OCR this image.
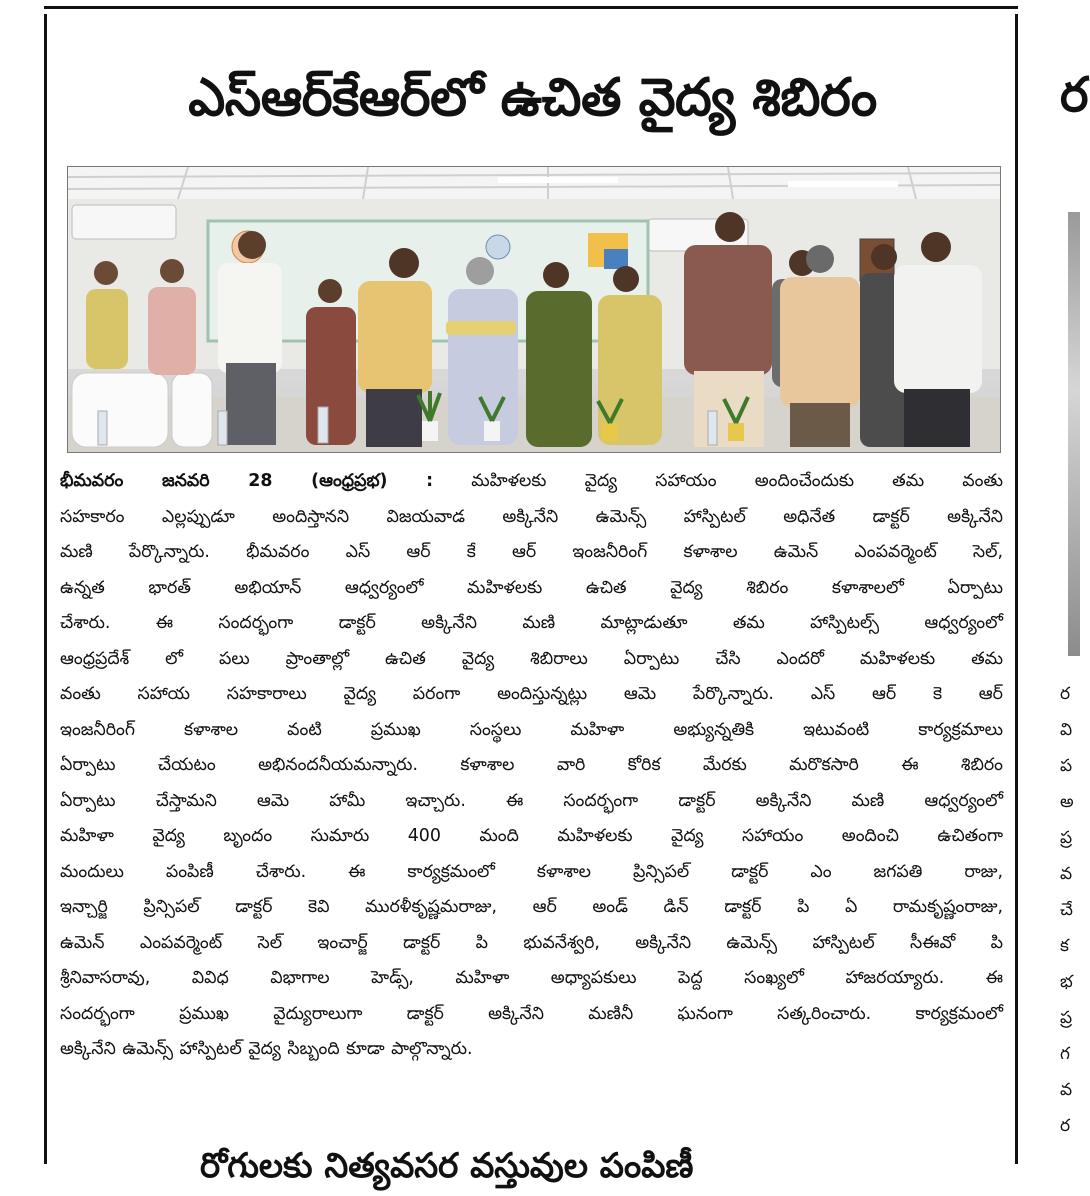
ఎస్ఆర్‌కేఆర్‌లో ఉచిత వైద్య శిబిరం
భీమవరం జనవరి 28 (ఆంధ్రప్రభ) : మహిళలకు వైద్య సహాయం అందించేందుకు తమ వంతు
సహకారం ఎల్లప్పుడూ అందిస్తానని విజయవాడ అక్కినేని ఉమెన్స్ హాస్పిటల్ అధినేత డాక్టర్ అక్కినేని
మణి పేర్కొన్నారు. భీమవరం ఎస్ ఆర్ కే ఆర్ ఇంజనీరింగ్ కళాశాల ఉమెన్ ఎంపవర్మెంట్ సెల్,
ఉన్నత భారత్ అభియాన్ ఆధ్వర్యంలో మహిళలకు ఉచిత వైద్య శిబిరం కళాశాలలో ఏర్పాటు
చేశారు. ఈ సందర్భంగా డాక్టర్ అక్కినేని మణి మాట్లాడుతూ తమ హాస్పిటల్స్ ఆధ్వర్యంలో
ఆంధ్రప్రదేశ్ లో పలు ప్రాంతాల్లో ఉచిత వైద్య శిబిరాలు ఏర్పాటు చేసి ఎందరో మహిళలకు తమ
వంతు సహాయ సహకారాలు వైద్య పరంగా అందిస్తున్నట్లు ఆమె పేర్కొన్నారు. ఎస్ ఆర్ కె ఆర్
ఇంజనీరింగ్ కళాశాల వంటి ప్రముఖ సంస్థలు మహిళా అభ్యున్నతికి ఇటువంటి కార్యక్రమాలు
ఏర్పాటు చేయటం అభినందనీయమన్నారు. కళాశాల వారి కోరిక మేరకు మరొకసారి ఈ శిబిరం
ఏర్పాటు చేస్తామని ఆమె హామీ ఇచ్చారు. ఈ సందర్భంగా డాక్టర్ అక్కినేని మణి ఆధ్వర్యంలో
మహిళా వైద్య బృందం సుమారు 400 మంది మహిళలకు వైద్య సహాయం అందించి ఉచితంగా
మందులు పంపిణీ చేశారు. ఈ కార్యక్రమంలో కళాశాల ప్రిన్సిపల్ డాక్టర్ ఎం జగపతి రాజు,
ఇన్చార్జి ప్రిన్సిపల్ డాక్టర్ కెవి మురళీకృష్ణమరాజు, ఆర్ అండ్ డిన్ డాక్టర్ పి ఏ రామకృష్ణంరాజు,
ఉమెన్ ఎంపవర్మెంట్ సెల్ ఇంచార్జ్ డాక్టర్ పి భువనేశ్వరి, అక్కినేని ఉమెన్స్ హాస్పిటల్ సీఈవో పి
శ్రీనివాసరావు, వివిధ విభాగాల హెడ్స్, మహిళా అధ్యాపకులు పెద్ద సంఖ్యలో హాజరయ్యారు. ఈ
సందర్భంగా ప్రముఖ వైద్యురాలుగా డాక్టర్ అక్కినేని మణినీ ఘనంగా సత్కరించారు. కార్యక్రమంలో
అక్కినేని ఉమెన్స్ హాస్పిటల్ వైద్య సిబ్బంది కూడా పాల్గొన్నారు.
రోగులకు నిత్యవసర వస్తువుల పంపిణీ
ర
ర
వి
ప
అ
ప్ర
వ
చే
క
భ
ప్ర
గ
వ
ర
